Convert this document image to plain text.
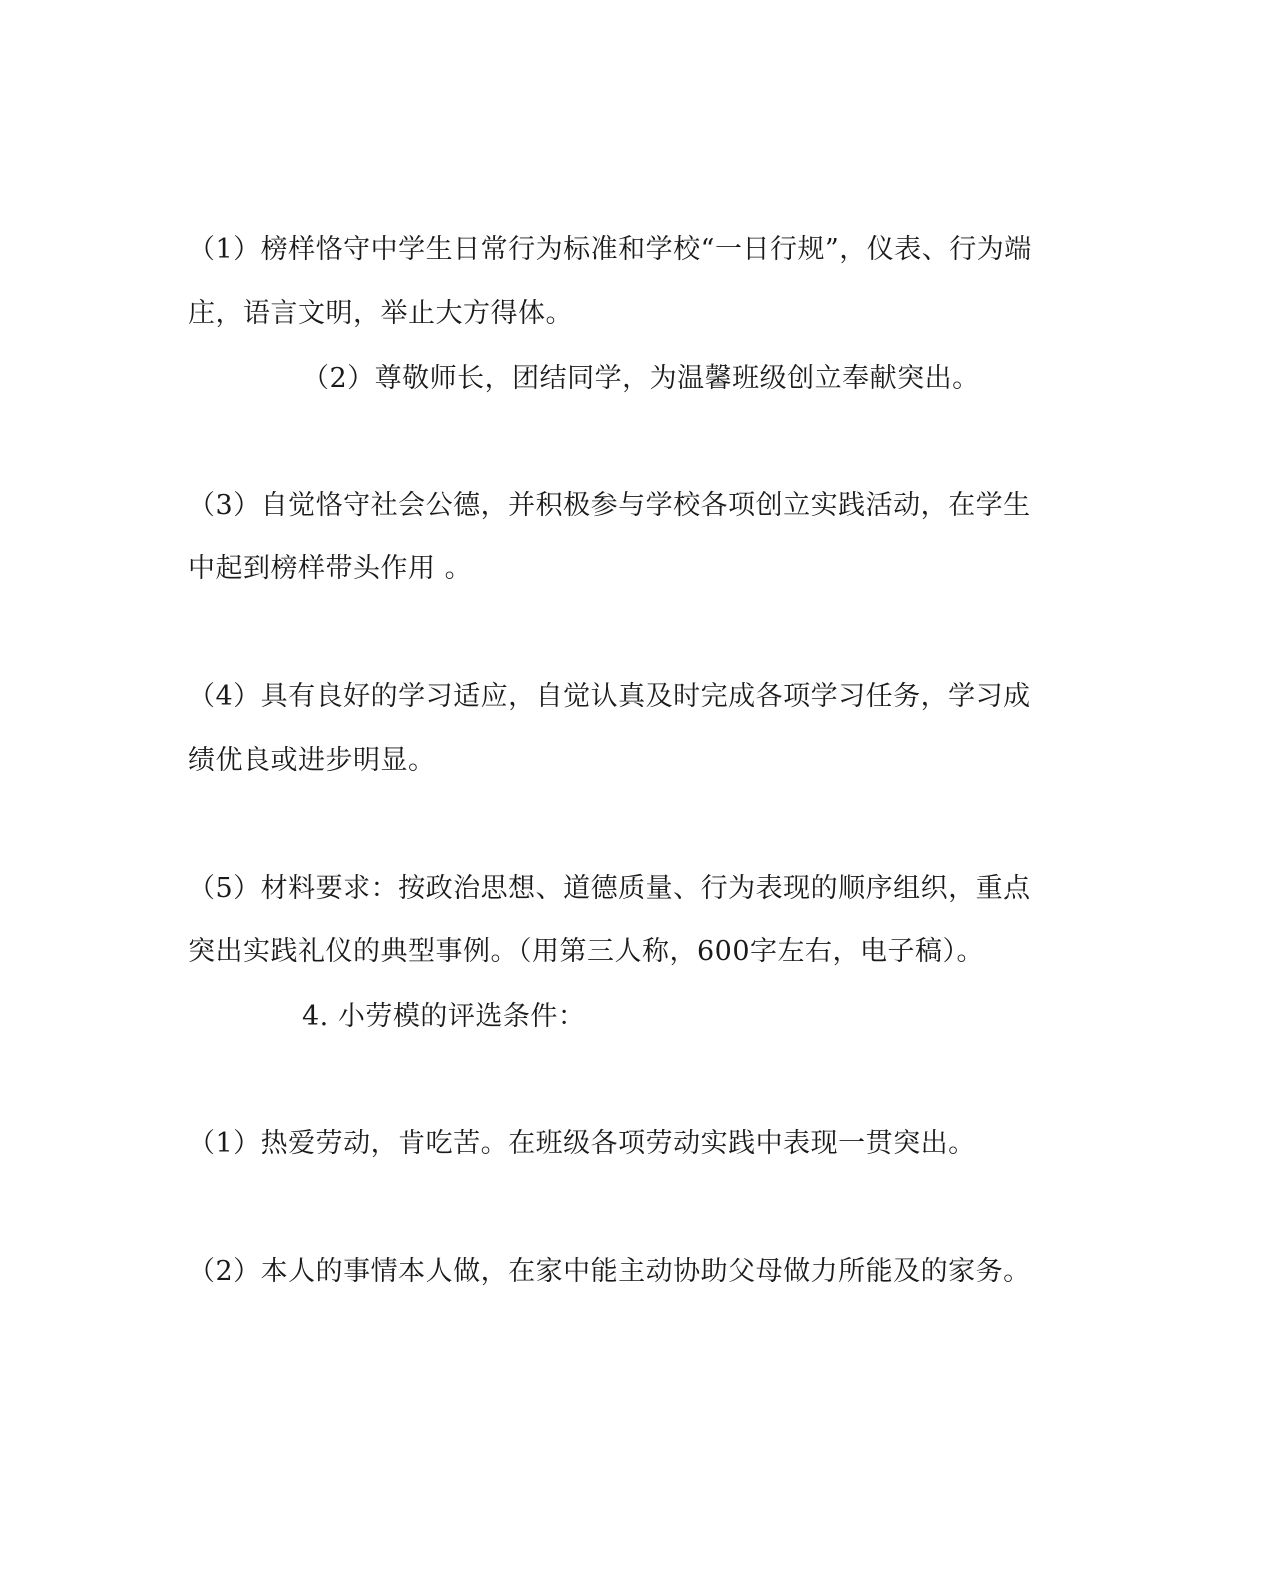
（1）榜样恪守中学生日常行为标准和学校“一日行规”，仪表、行为端
庄，语言文明，举止大方得体。
（2）尊敬师长，团结同学，为温馨班级创立奉献突出。
（3）自觉恪守社会公德，并积极参与学校各项创立实践活动，在学生
中起到榜样带头作用 。
（4）具有良好的学习适应，自觉认真及时完成各项学习任务，学习成
绩优良或进步明显。
（5）材料要求：按政治思想、道德质量、行为表现的顺序组织，重点
突出实践礼仪的典型事例。（用第三人称，600字左右，电子稿）。
4. 小劳模的评选条件：
（1）热爱劳动，肯吃苦。在班级各项劳动实践中表现一贯突出。
（2）本人的事情本人做，在家中能主动协助父母做力所能及的家务。
